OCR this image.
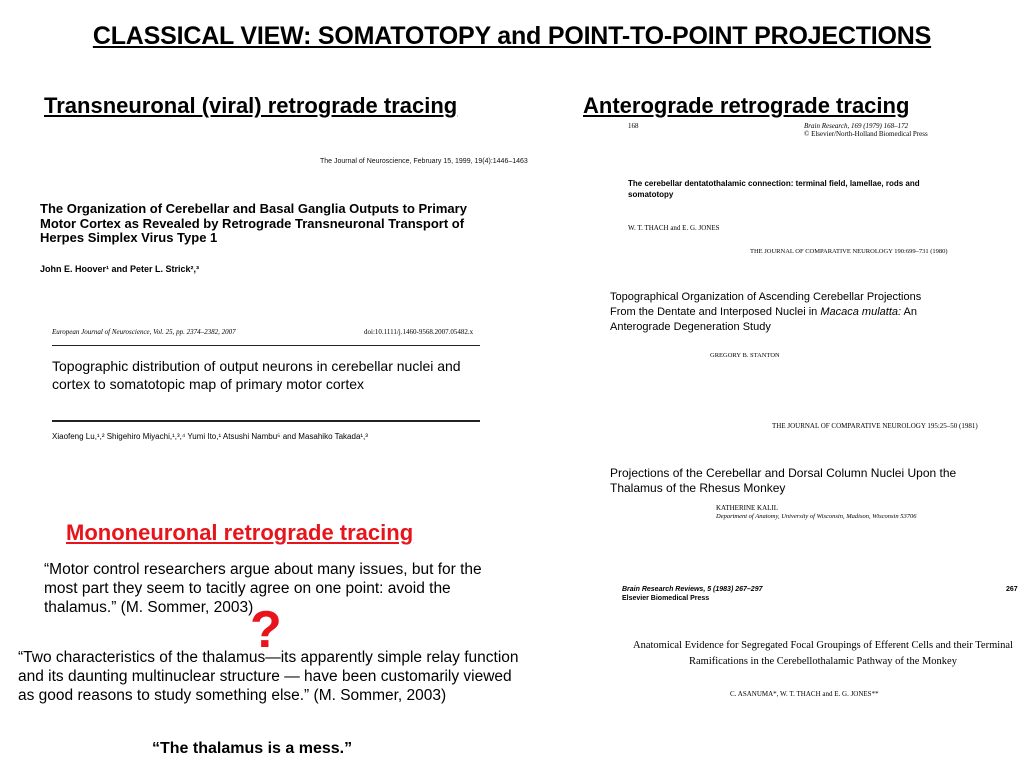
CLASSICAL VIEW: SOMATOTOPY and POINT-TO-POINT PROJECTIONS
Transneuronal (viral) retrograde tracing	Anterograde retrograde tracing
The Journal of Neuroscience, February 15, 1999, 19(4):1446–1463
The Organization of Cerebellar and Basal Ganglia Outputs to Primary Motor Cortex as Revealed by Retrograde Transneuronal Transport of Herpes Simplex Virus Type 1
John E. Hoover¹ and Peter L. Strick²,³
European Journal of Neuroscience, Vol. 25, pp. 2374–2382, 2007	doi:10.1111/j.1460-9568.2007.05482.x
Topographic distribution of output neurons in cerebellar nuclei and cortex to somatotopic map of primary motor cortex
Xiaofeng Lu,¹,² Shigehiro Miyachi,¹,³,⁴ Yumi Ito,¹ Atsushi Nambu⁵ and Masahiko Takada¹,³
168	Brain Research, 169 (1979) 168–172
© Elsevier/North-Holland Biomedical Press
The cerebellar dentatothalamic connection: terminal field, lamellae, rods and somatotopy
W. T. THACH and E. G. JONES
THE JOURNAL OF COMPARATIVE NEUROLOGY 190:699–731 (1980)
Topographical Organization of Ascending Cerebellar Projections From the Dentate and Interposed Nuclei in Macaca mulatta: An Anterograde Degeneration Study
GREGORY B. STANTON
THE JOURNAL OF COMPARATIVE NEUROLOGY 195:25–50 (1981)
Projections of the Cerebellar and Dorsal Column Nuclei Upon the Thalamus of the Rhesus Monkey
KATHERINE KALIL
Department of Anatomy, University of Wisconsin, Madison, Wisconsin 53706
Brain Research Reviews, 5 (1983) 267–297
Elsevier Biomedical Press
267
Anatomical Evidence for Segregated Focal Groupings of Efferent Cells and their Terminal Ramifications in the Cerebellothalamic Pathway of the Monkey
C. ASANUMA*, W. T. THACH and E. G. JONES**
Mononeuronal retrograde tracing
“Motor control researchers argue about many issues, but for the most part they seem to tacitly agree on one point: avoid the thalamus.” (M. Sommer, 2003)
?
“Two characteristics of the thalamus—its apparently simple relay function and its daunting multinuclear structure — have been customarily viewed as good reasons to study something else.” (M. Sommer, 2003)
“The thalamus is a mess.”
